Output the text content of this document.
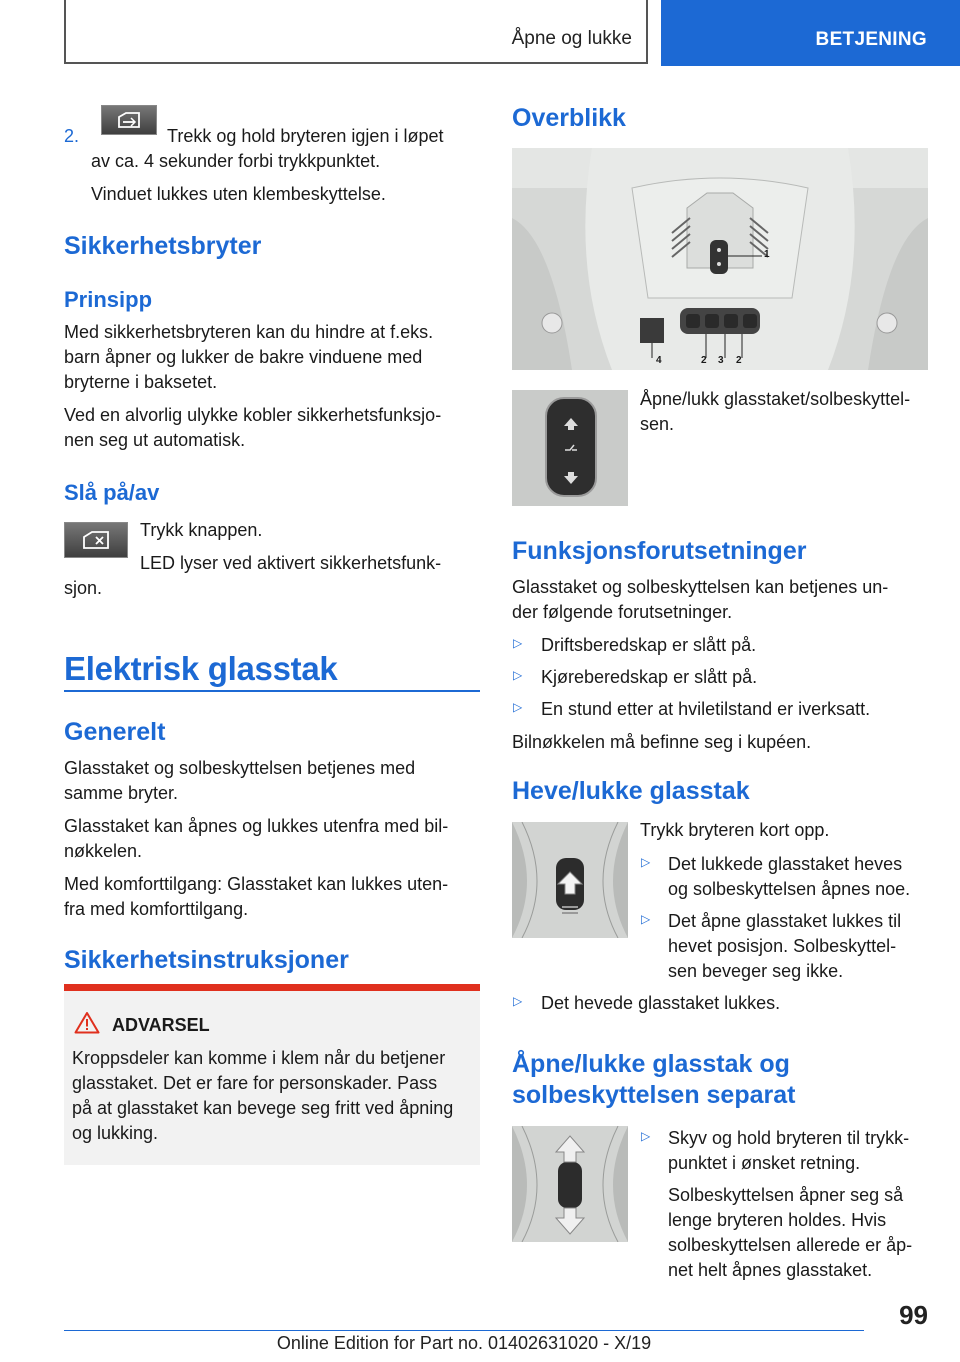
Åpne og lukke	BETJENING
2.	Trekk og hold bryteren igjen i løpet
av ca. 4 sekunder forbi trykkpunktet.
Vinduet lukkes uten klembeskyttelse.
Sikkerhetsbryter
Prinsipp
Med sikkerhetsbryteren kan du hindre at f.eks.
barn åpner og lukker de bakre vinduene med
bryterne i baksetet.
Ved en alvorlig ulykke kobler sikkerhetsfunksjo‐
nen seg ut automatisk.
Slå på/av
Trykk knappen.
LED lyser ved aktivert sikkerhetsfunk‐
sjon.
Elektrisk glasstak
Generelt
Glasstaket og solbeskyttelsen betjenes med
samme bryter.
Glasstaket kan åpnes og lukkes utenfra med bil‐
nøkkelen.
Med komforttilgang: Glasstaket kan lukkes uten‐
fra med komforttilgang.
Sikkerhetsinstruksjoner
ADVARSEL
Kroppsdeler kan komme i klem når du betjener
glasstaket. Det er fare for personskader. Pass
på at glasstaket kan bevege seg fritt ved åpning
og lukking.
Overblikk
1
4	2 3 2
Åpne/lukk glasstaket/solbeskyttel‐
sen.
Funksjonsforutsetninger
Glasstaket og solbeskyttelsen kan betjenes un‐
der følgende forutsetninger.
▷ Driftsberedskap er slått på.
▷ Kjøreberedskap er slått på.
▷ En stund etter at hviletilstand er iverksatt.
Bilnøkkelen må befinne seg i kupéen.
Heve/lukke glasstak
Trykk bryteren kort opp.
▷ Det lukkede glasstaket heves
og solbeskyttelsen åpnes noe.
▷ Det åpne glasstaket lukkes til
hevet posisjon. Solbeskyttel‐
sen beveger seg ikke.
▷ Det hevede glasstaket lukkes.
Åpne/lukke glasstak og
solbeskyttelsen separat
▷ Skyv og hold bryteren til trykk‐
punktet i ønsket retning.
Solbeskyttelsen åpner seg så
lenge bryteren holdes. Hvis
solbeskyttelsen allerede er åp‐
net helt åpnes glasstaket.
99
Online Edition for Part no. 01402631020 - X/19
